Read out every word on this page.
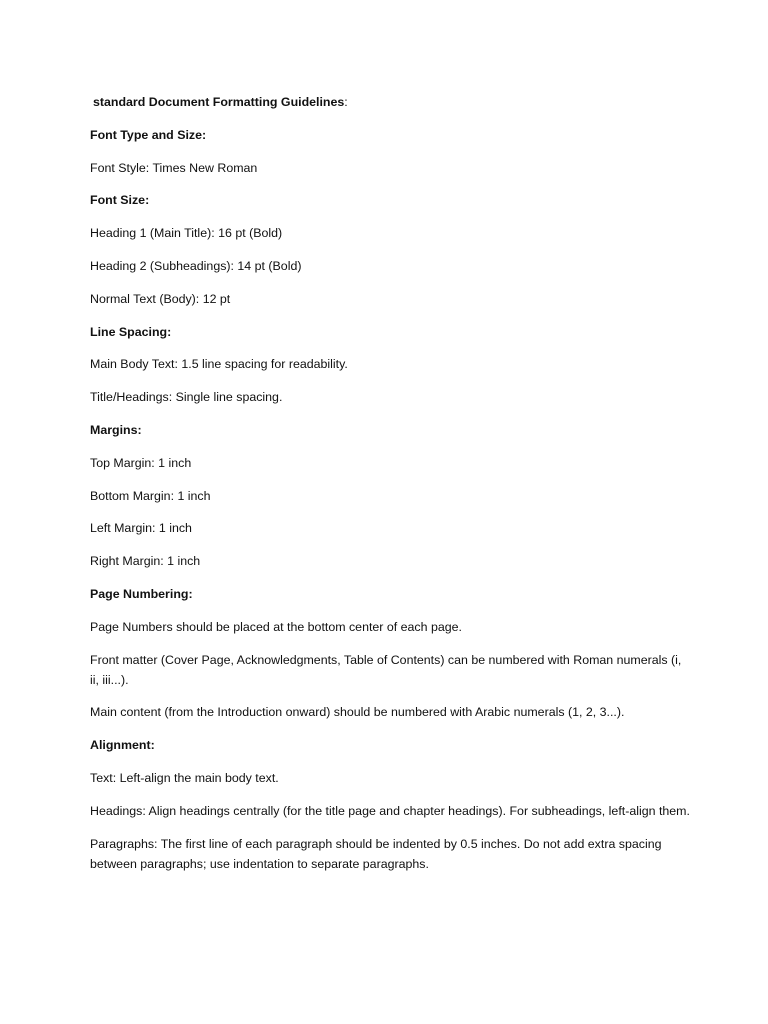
standard Document Formatting Guidelines:

Font Type and Size:

Font Style: Times New Roman

Font Size:

Heading 1 (Main Title): 16 pt (Bold)

Heading 2 (Subheadings): 14 pt (Bold)

Normal Text (Body): 12 pt

Line Spacing:

Main Body Text: 1.5 line spacing for readability.

Title/Headings: Single line spacing.

Margins:

Top Margin: 1 inch

Bottom Margin: 1 inch

Left Margin: 1 inch

Right Margin: 1 inch

Page Numbering:

Page Numbers should be placed at the bottom center of each page.

Front matter (Cover Page, Acknowledgments, Table of Contents) can be numbered with Roman numerals (i, ii, iii...).

Main content (from the Introduction onward) should be numbered with Arabic numerals (1, 2, 3...).

Alignment:

Text: Left-align the main body text.

Headings: Align headings centrally (for the title page and chapter headings). For subheadings, left-align them.

Paragraphs: The first line of each paragraph should be indented by 0.5 inches. Do not add extra spacing between paragraphs; use indentation to separate paragraphs.
